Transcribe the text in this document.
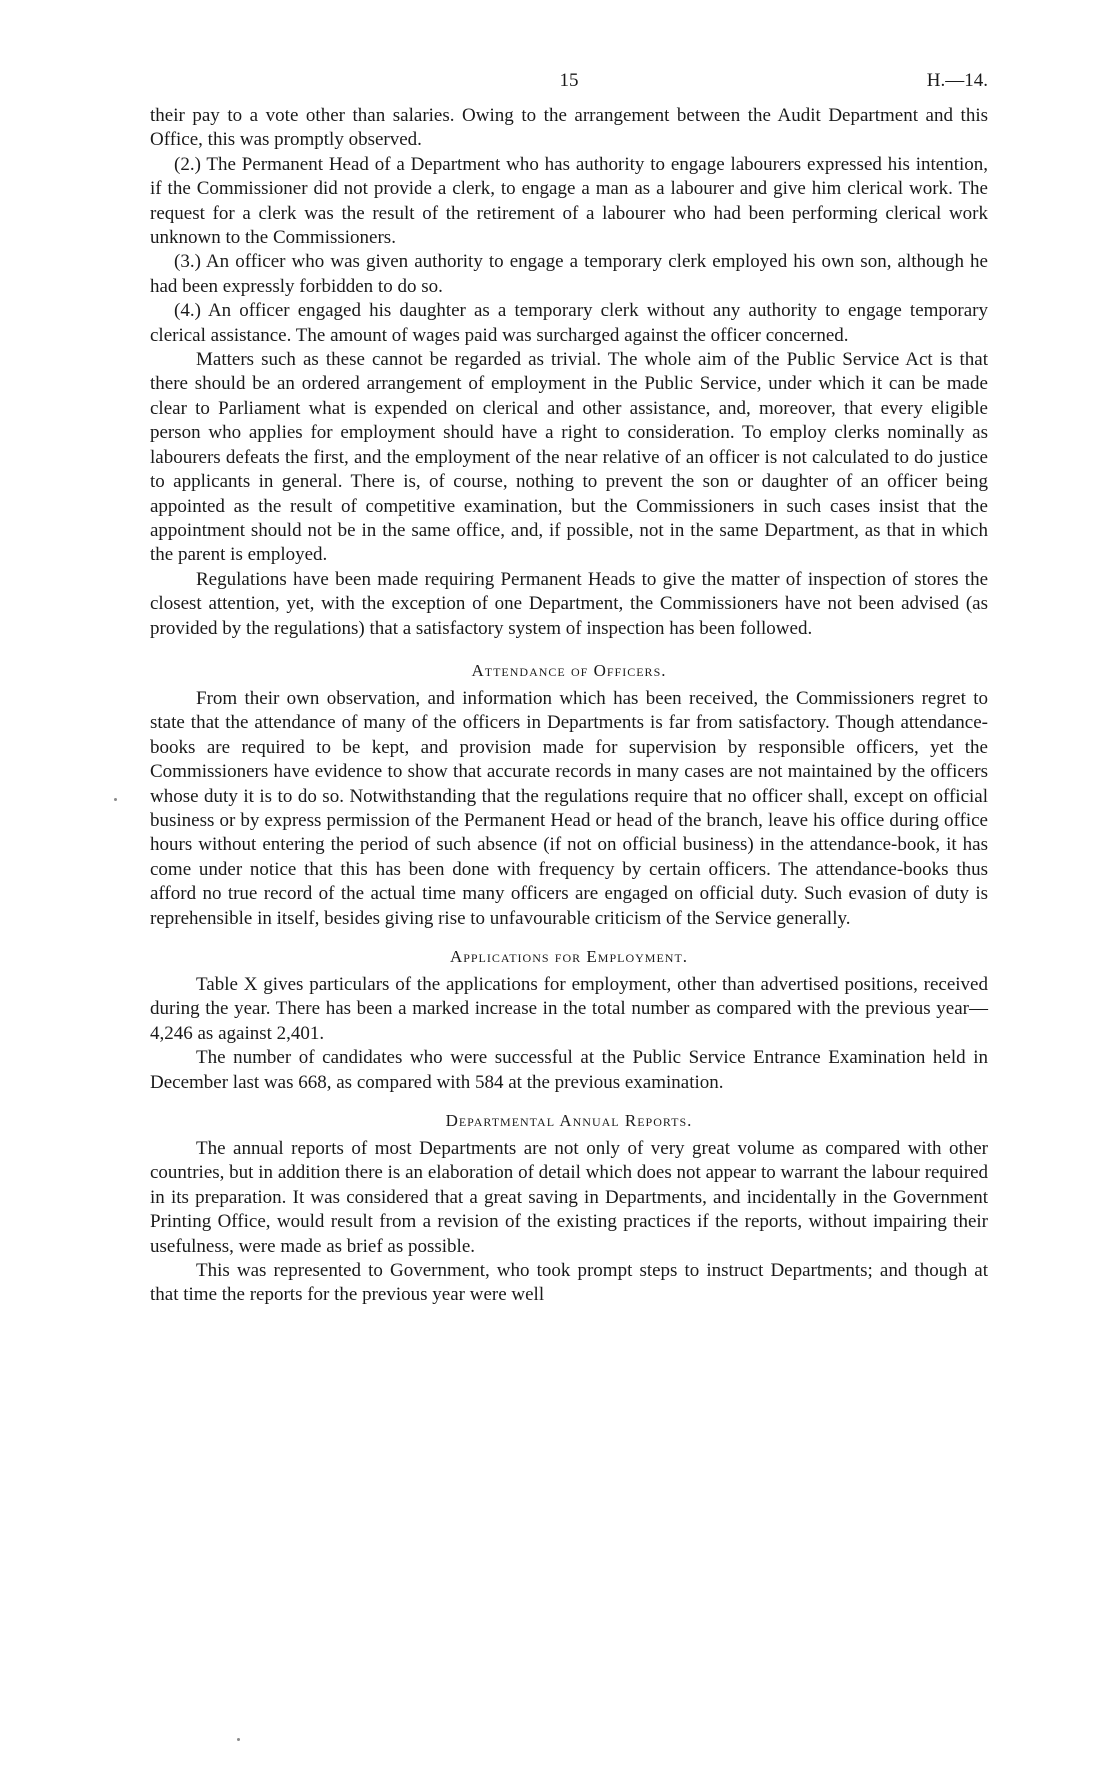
15	H.—14.

their pay to a vote other than salaries. Owing to the arrangement between the Audit Department and this Office, this was promptly observed.

(2.) The Permanent Head of a Department who has authority to engage labourers expressed his intention, if the Commissioner did not provide a clerk, to engage a man as a labourer and give him clerical work. The request for a clerk was the result of the retirement of a labourer who had been performing clerical work unknown to the Commissioners.

(3.) An officer who was given authority to engage a temporary clerk employed his own son, although he had been expressly forbidden to do so.

(4.) An officer engaged his daughter as a temporary clerk without any authority to engage temporary clerical assistance. The amount of wages paid was surcharged against the officer concerned.

Matters such as these cannot be regarded as trivial. The whole aim of the Public Service Act is that there should be an ordered arrangement of employment in the Public Service, under which it can be made clear to Parliament what is expended on clerical and other assistance, and, moreover, that every eligible person who applies for employment should have a right to consideration. To employ clerks nominally as labourers defeats the first, and the employment of the near relative of an officer is not calculated to do justice to applicants in general. There is, of course, nothing to prevent the son or daughter of an officer being appointed as the result of competitive examination, but the Commissioners in such cases insist that the appointment should not be in the same office, and, if possible, not in the same Department, as that in which the parent is employed.

Regulations have been made requiring Permanent Heads to give the matter of inspection of stores the closest attention, yet, with the exception of one Department, the Commissioners have not been advised (as provided by the regulations) that a satisfactory system of inspection has been followed.

Attendance of Officers.

From their own observation, and information which has been received, the Commissioners regret to state that the attendance of many of the officers in Departments is far from satisfactory. Though attendance-books are required to be kept, and provision made for supervision by responsible officers, yet the Commissioners have evidence to show that accurate records in many cases are not maintained by the officers whose duty it is to do so. Notwithstanding that the regulations require that no officer shall, except on official business or by express permission of the Permanent Head or head of the branch, leave his office during office hours without entering the period of such absence (if not on official business) in the attendance-book, it has come under notice that this has been done with frequency by certain officers. The attendance-books thus afford no true record of the actual time many officers are engaged on official duty. Such evasion of duty is reprehensible in itself, besides giving rise to unfavourable criticism of the Service generally.

Applications for Employment.

Table X gives particulars of the applications for employment, other than advertised positions, received during the year. There has been a marked increase in the total number as compared with the previous year—4,246 as against 2,401.

The number of candidates who were successful at the Public Service Entrance Examination held in December last was 668, as compared with 584 at the previous examination.

Departmental Annual Reports.

The annual reports of most Departments are not only of very great volume as compared with other countries, but in addition there is an elaboration of detail which does not appear to warrant the labour required in its preparation. It was considered that a great saving in Departments, and incidentally in the Government Printing Office, would result from a revision of the existing practices if the reports, without impairing their usefulness, were made as brief as possible.

This was represented to Government, who took prompt steps to instruct Departments; and though at that time the reports for the previous year were well
